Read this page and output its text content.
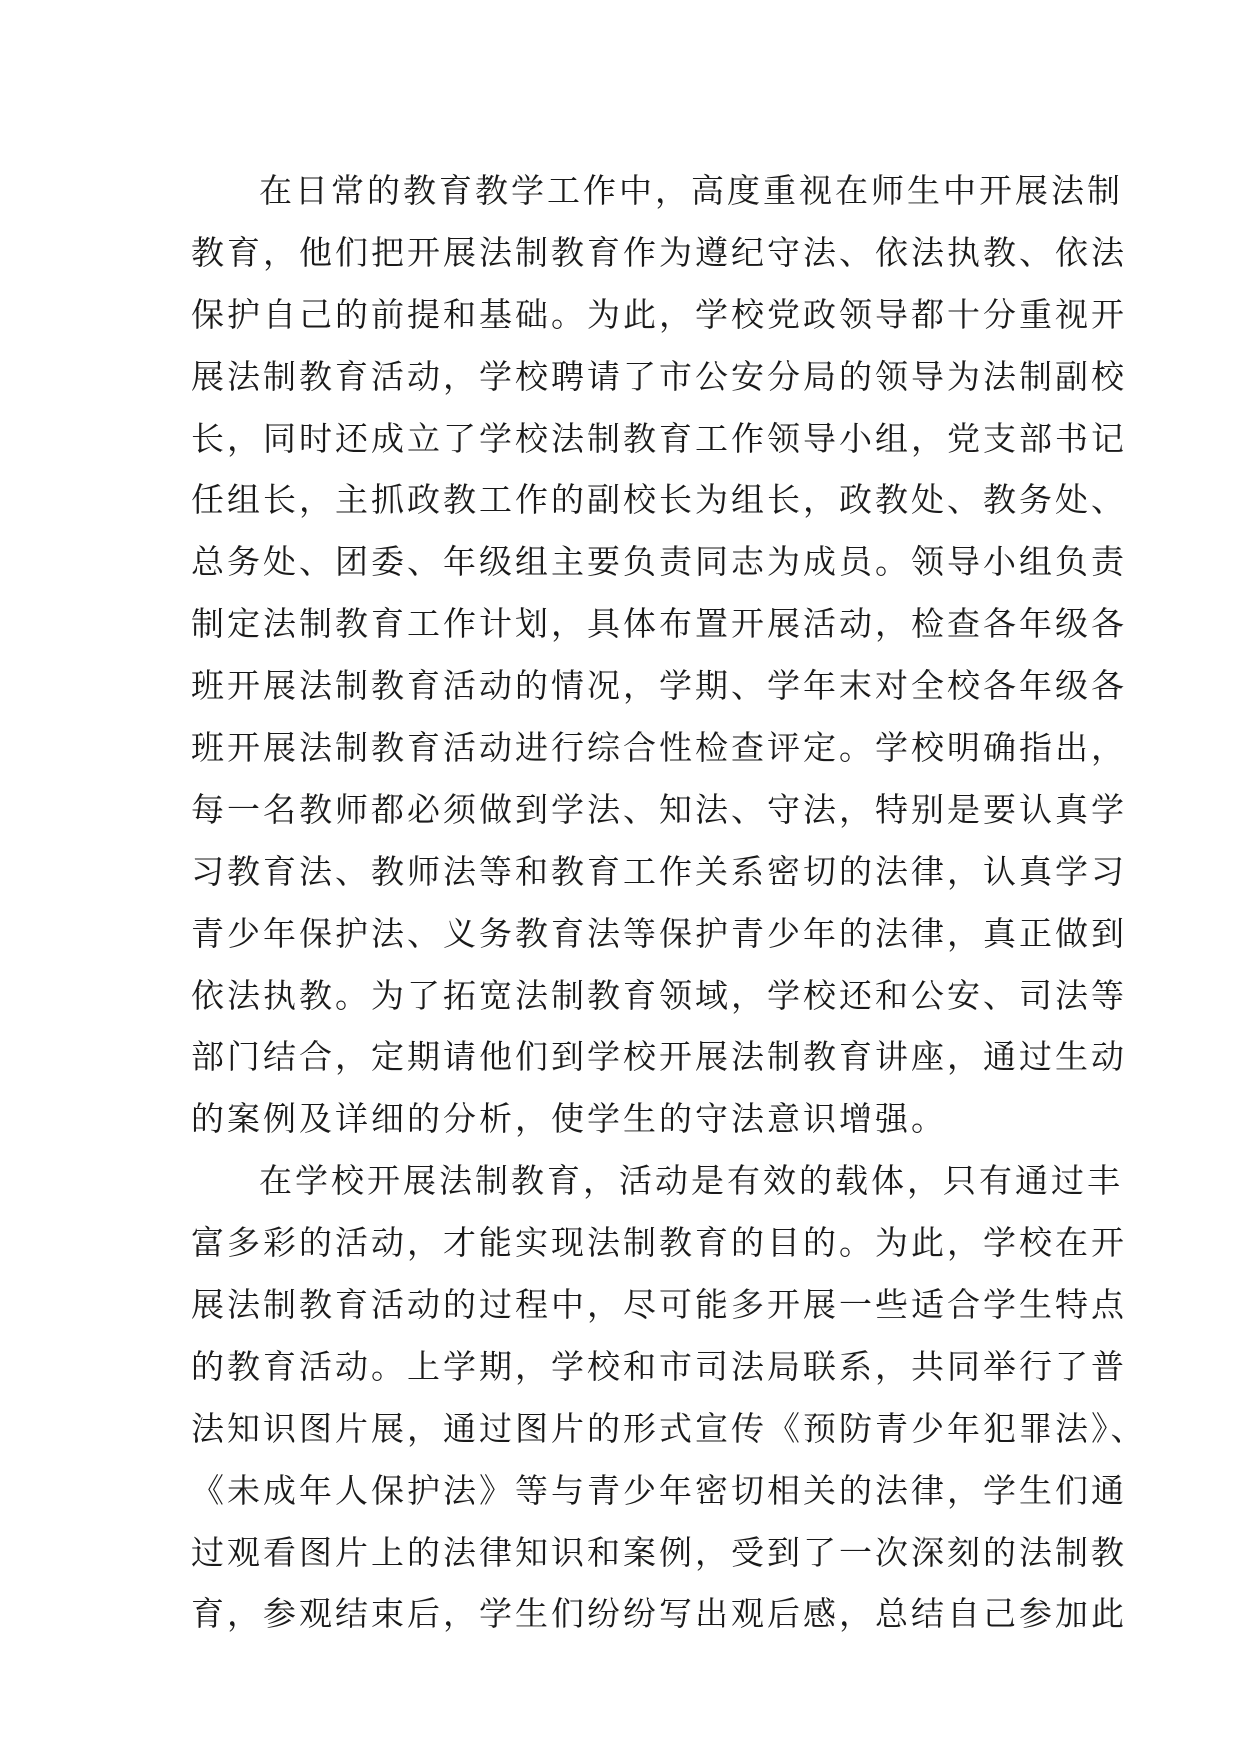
在日常的教育教学工作中，高度重视在师生中开展法制
教育，他们把开展法制教育作为遵纪守法、依法执教、依法
保护自己的前提和基础。为此，学校党政领导都十分重视开
展法制教育活动，学校聘请了市公安分局的领导为法制副校
长，同时还成立了学校法制教育工作领导小组，党支部书记
任组长，主抓政教工作的副校长为组长，政教处、教务处、
总务处、团委、年级组主要负责同志为成员。领导小组负责
制定法制教育工作计划，具体布置开展活动，检查各年级各
班开展法制教育活动的情况，学期、学年末对全校各年级各
班开展法制教育活动进行综合性检查评定。学校明确指出，
每一名教师都必须做到学法、知法、守法，特别是要认真学
习教育法、教师法等和教育工作关系密切的法律，认真学习
青少年保护法、义务教育法等保护青少年的法律，真正做到
依法执教。为了拓宽法制教育领域，学校还和公安、司法等
部门结合，定期请他们到学校开展法制教育讲座，通过生动
的案例及详细的分析，使学生的守法意识增强。
在学校开展法制教育，活动是有效的载体，只有通过丰
富多彩的活动，才能实现法制教育的目的。为此，学校在开
展法制教育活动的过程中，尽可能多开展一些适合学生特点
的教育活动。上学期，学校和市司法局联系，共同举行了普
法知识图片展，通过图片的形式宣传《预防青少年犯罪法》、
《未成年人保护法》等与青少年密切相关的法律，学生们通
过观看图片上的法律知识和案例，受到了一次深刻的法制教
育，参观结束后，学生们纷纷写出观后感，总结自己参加此
